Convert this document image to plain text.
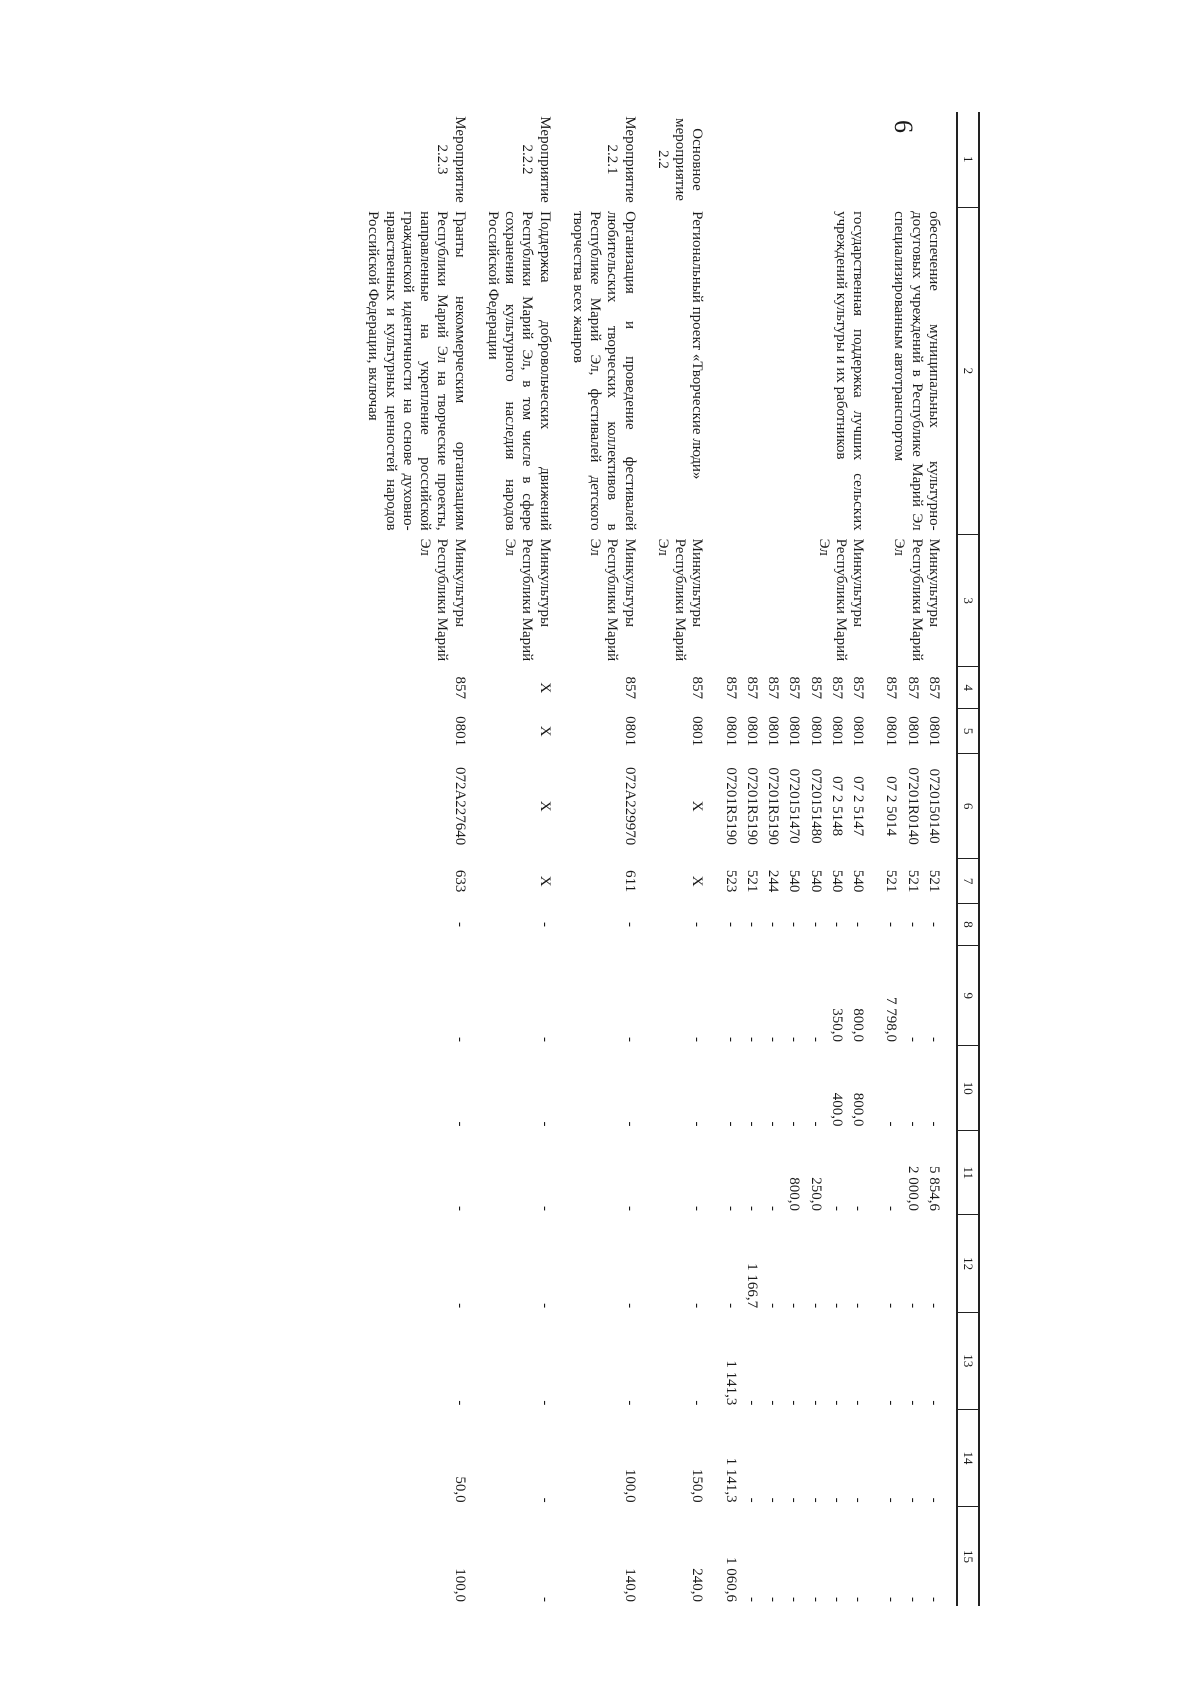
6
1	2	3	4	5	6	7	8	9	10	11	12	13	14	15
	обеспечение муниципальных культурно-досуговых учреждений в Республике Марий Эл специализированным автотранспортом	Минкультуры Республики Марий Эл	857	0801	0720150140	521	-	-	-	5 854,6	-	-	-	-
			857	0801	07201R0140	521	-	-	-	2 000,0	-	-	-	-
			857	0801	07 2 5014	521	-	7 798,0	-	-	-	-	-	-
	государственная поддержка лучших сельских учреждений культуры и их работников	Минкультуры Республики Марий Эл	857	0801	07 2 5147	540	-	800,0	800,0	-	-	-	-	-
			857	0801	07 2 5148	540	-	350,0	400,0	-	-	-	-	-
			857	0801	0720151480	540	-	-	-	250,0	-	-	-	-
			857	0801	0720151470	540	-	-	-	800,0	-	-	-	-
			857	0801	07201R5190	244	-	-	-	-	-	-	-	-
			857	0801	07201R5190	521	-	-	-	-	1 166,7	-	-	-
			857	0801	07201R5190	523	-	-	-	-	-	1 141,3	1 141,3	1 060,6
Основное мероприятие 2.2	Региональный проект «Творческие люди»	Минкультуры Республики Марий Эл	857	0801	Х	Х	-	-	-	-	-	-	150,0	240,0
Мероприятие 2.2.1	Организация и проведение фестивалей любительских творческих коллективов в Республике Марий Эл, фестивалей детского творчества всех жанров	Минкультуры Республики Марий Эл	857	0801	072А229970	611	-	-	-	-	-	-	100,0	140,0
Мероприятие 2.2.2	Поддержка добровольческих движений Республики Марий Эл, в том числе в сфере сохранения культурного наследия народов Российской Федерации	Минкультуры Республики Марий Эл	Х	Х	Х	Х	-	-	-	-	-	-	-	-
Мероприятие 2.2.3	Гранты некоммерческим организациям Республики Марий Эл на творческие проекты, направленные на укрепление российской гражданской идентичности на основе духовно-нравственных и культурных ценностей народов Российской Федерации, включая	Минкультуры Республики Марий Эл	857	0801	072А227640	633	-	-	-	-	-	-	50,0	100,0
